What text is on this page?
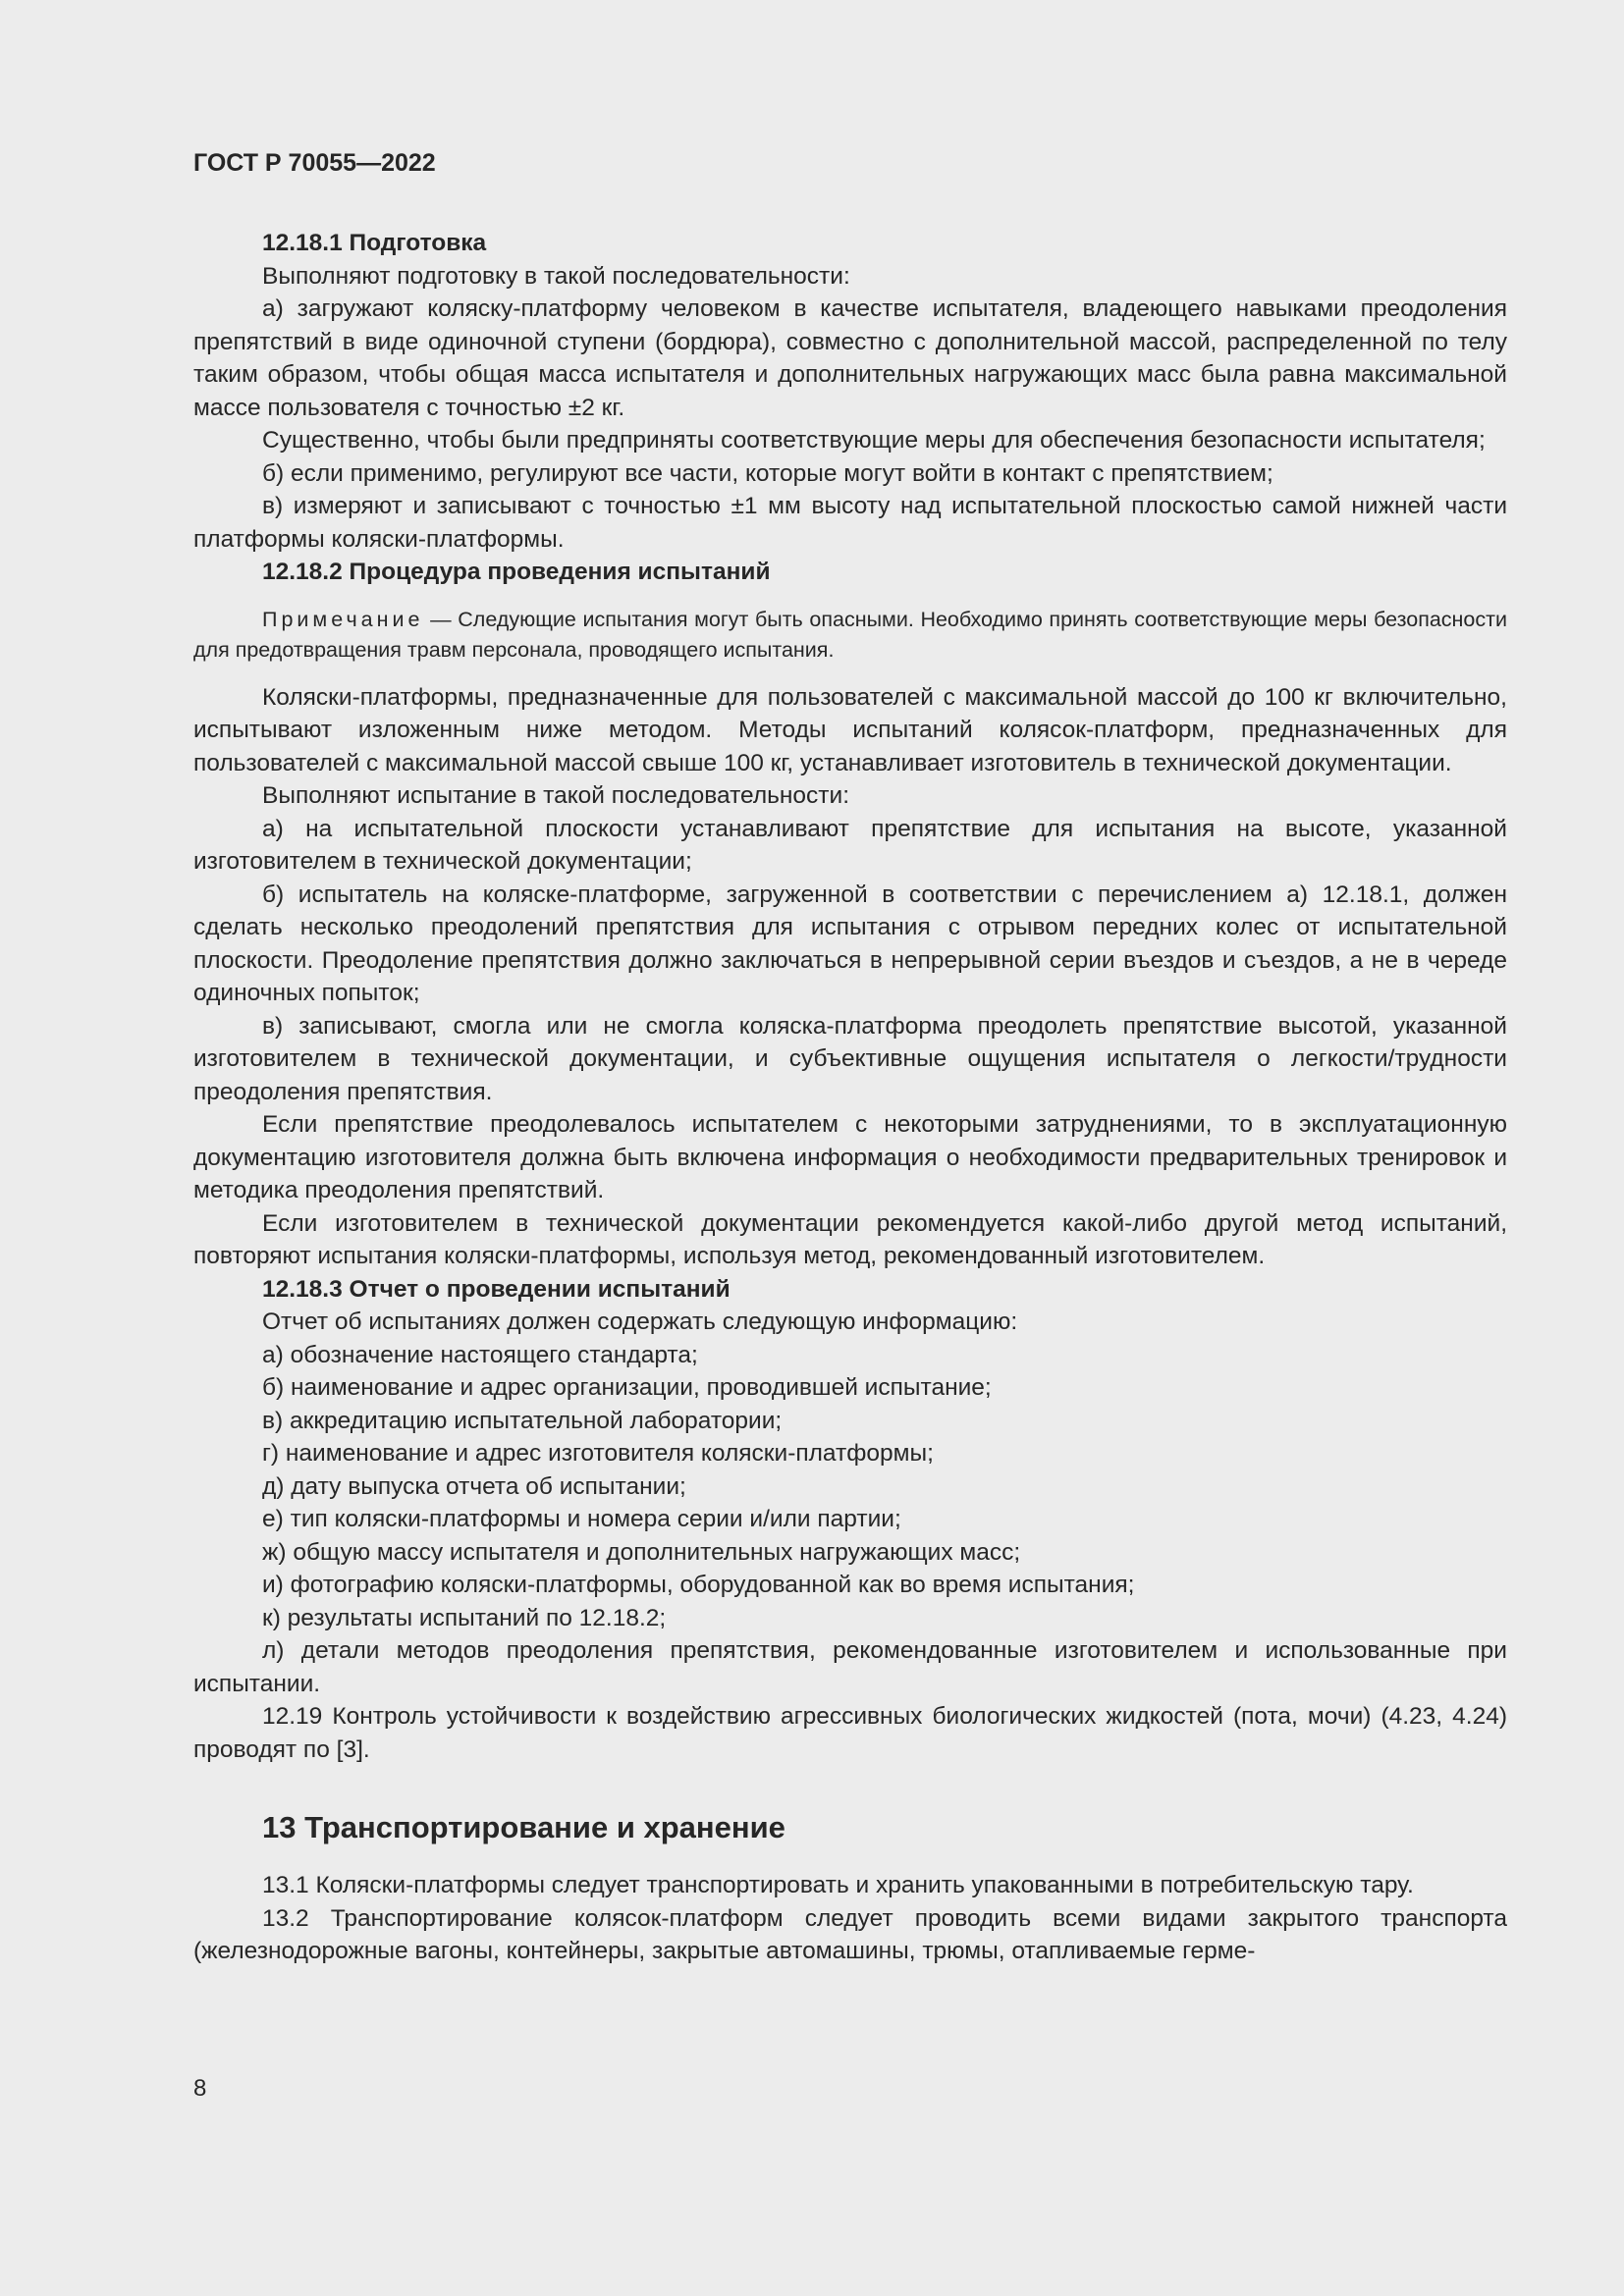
ГОСТ Р 70055—2022

12.18.1 Подготовка

Выполняют подготовку в такой последовательности:

а) загружают коляску-платформу человеком в качестве испытателя, владеющего навыками преодоления препятствий в виде одиночной ступени (бордюра), совместно с дополнительной массой, распределенной по телу таким образом, чтобы общая масса испытателя и дополнительных нагружающих масс была равна максимальной массе пользователя с точностью ±2 кг.

Существенно, чтобы были предприняты соответствующие меры для обеспечения безопасности испытателя;

б) если применимо, регулируют все части, которые могут войти в контакт с препятствием;

в) измеряют и записывают с точностью ±1 мм высоту над испытательной плоскостью самой нижней части платформы коляски-платформы.

12.18.2 Процедура проведения испытаний

Примечание — Следующие испытания могут быть опасными. Необходимо принять соответствующие меры безопасности для предотвращения травм персонала, проводящего испытания.

Коляски-платформы, предназначенные для пользователей с максимальной массой до 100 кг включительно, испытывают изложенным ниже методом. Методы испытаний колясок-платформ, предназначенных для пользователей с максимальной массой свыше 100 кг, устанавливает изготовитель в технической документации.

Выполняют испытание в такой последовательности:

а) на испытательной плоскости устанавливают препятствие для испытания на высоте, указанной изготовителем в технической документации;

б) испытатель на коляске-платформе, загруженной в соответствии с перечислением а) 12.18.1, должен сделать несколько преодолений препятствия для испытания с отрывом передних колес от испытательной плоскости. Преодоление препятствия должно заключаться в непрерывной серии въездов и съездов, а не в череде одиночных попыток;

в) записывают, смогла или не смогла коляска-платформа преодолеть препятствие высотой, указанной изготовителем в технической документации, и субъективные ощущения испытателя о легкости/трудности преодоления препятствия.

Если препятствие преодолевалось испытателем с некоторыми затруднениями, то в эксплуатационную документацию изготовителя должна быть включена информация о необходимости предварительных тренировок и методика преодоления препятствий.

Если изготовителем в технической документации рекомендуется какой-либо другой метод испытаний, повторяют испытания коляски-платформы, используя метод, рекомендованный изготовителем.

12.18.3 Отчет о проведении испытаний

Отчет об испытаниях должен содержать следующую информацию:

а) обозначение настоящего стандарта;

б) наименование и адрес организации, проводившей испытание;

в) аккредитацию испытательной лаборатории;

г) наименование и адрес изготовителя коляски-платформы;

д) дату выпуска отчета об испытании;

е) тип коляски-платформы и номера серии и/или партии;

ж) общую массу испытателя и дополнительных нагружающих масс;

и) фотографию коляски-платформы, оборудованной как во время испытания;

к) результаты испытаний по 12.18.2;

л) детали методов преодоления препятствия, рекомендованные изготовителем и использованные при испытании.

12.19 Контроль устойчивости к воздействию агрессивных биологических жидкостей (пота, мочи) (4.23, 4.24) проводят по [3].

13 Транспортирование и хранение

13.1 Коляски-платформы следует транспортировать и хранить упакованными в потребительскую тару.

13.2 Транспортирование колясок-платформ следует проводить всеми видами закрытого транспорта (железнодорожные вагоны, контейнеры, закрытые автомашины, трюмы, отапливаемые герме-

8
